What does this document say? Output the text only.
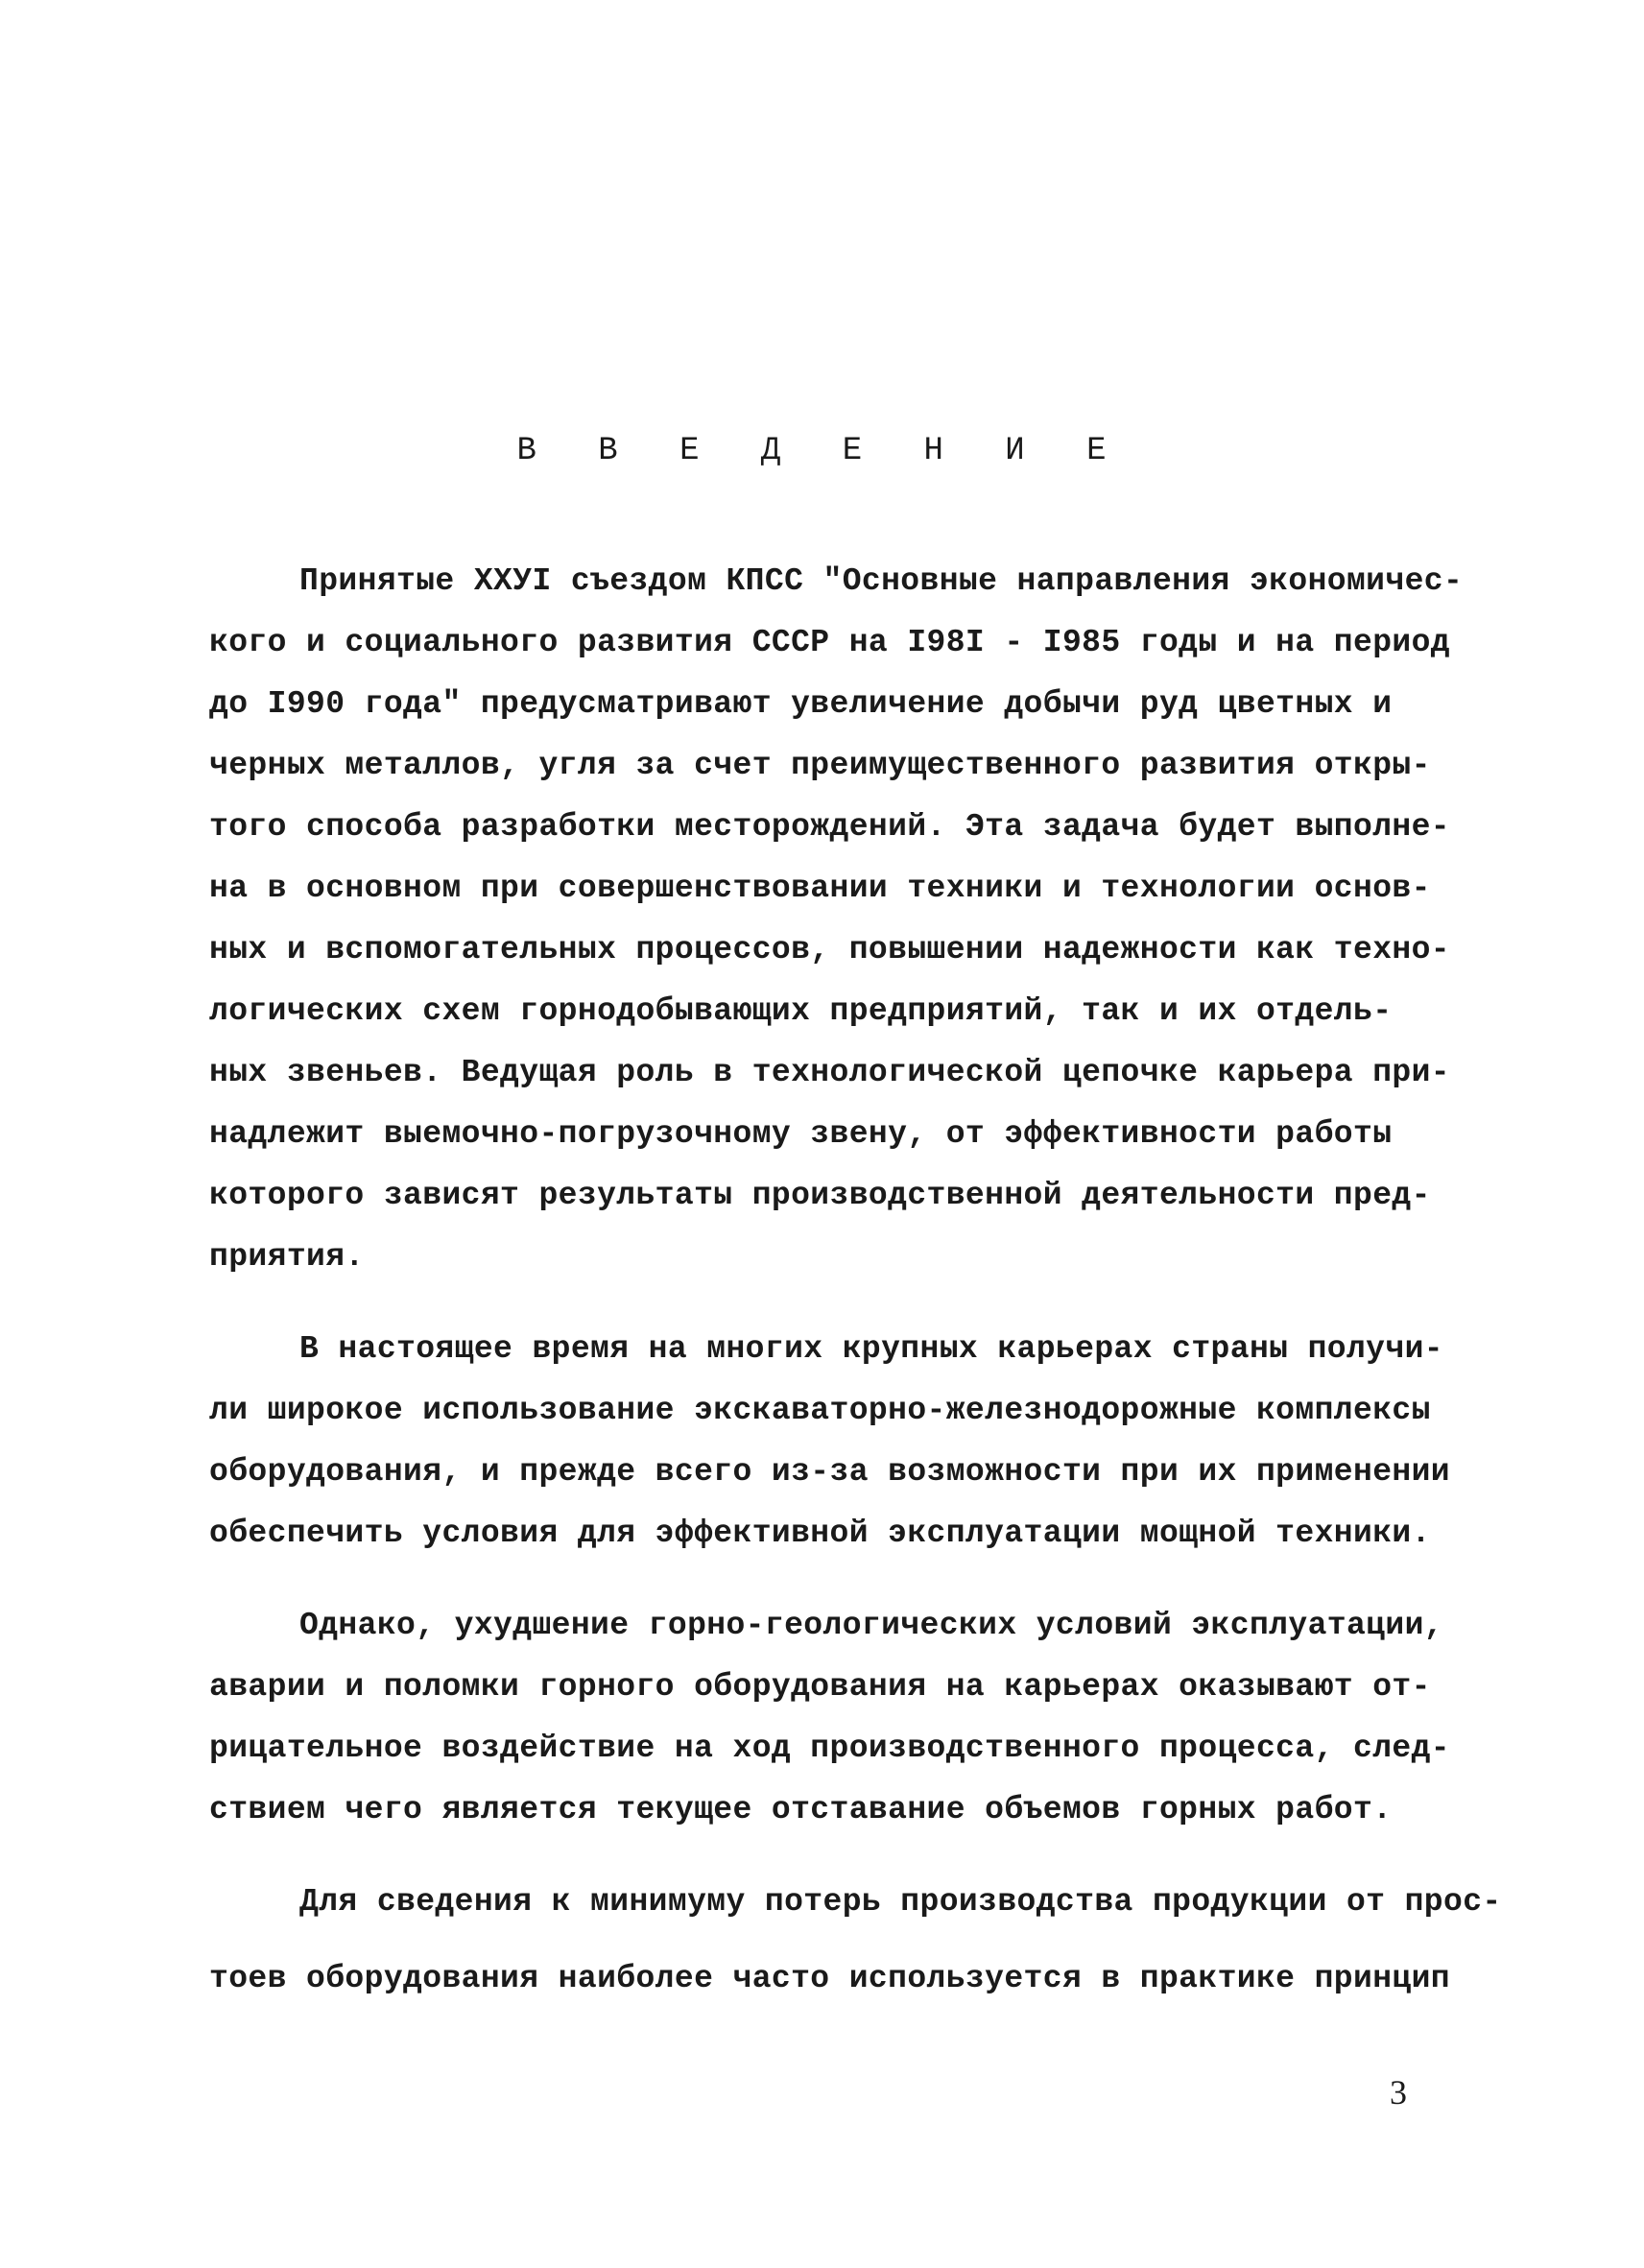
В В Е Д Е Н И Е
Принятые ХХУI съездом КПСС "Основные направления экономичес-
кого и социального развития СССР на I98I - I985 годы и на период
до I990 года" предусматривают увеличение добычи руд цветных и
черных металлов, угля за счет преимущественного развития откры-
того способа разработки месторождений. Эта задача будет выполне-
на в основном при совершенствовании техники и технологии основ-
ных и вспомогательных процессов, повышении надежности как техно-
логических схем горнодобывающих предприятий, так и их отдель-
ных звеньев. Ведущая роль в технологической цепочке карьера при-
надлежит выемочно-погрузочному звену, от эффективности работы
которого зависят результаты производственной деятельности пред-
приятия.
В настоящее время на многих крупных карьерах страны получи-
ли широкое использование экскаваторно-железнодорожные комплексы
оборудования, и прежде всего из-за возможности при их применении
обеспечить условия для эффективной эксплуатации мощной техники.
Однако, ухудшение горно-геологических условий эксплуатации,
аварии и поломки горного оборудования на карьерах оказывают от-
рицательное воздействие на ход производственного процесса, след-
ствием чего является текущее отставание объемов горных работ.
Для сведения к минимуму потерь производства продукции от прос-
тоев оборудования наиболее часто используется в практике принцип
3
